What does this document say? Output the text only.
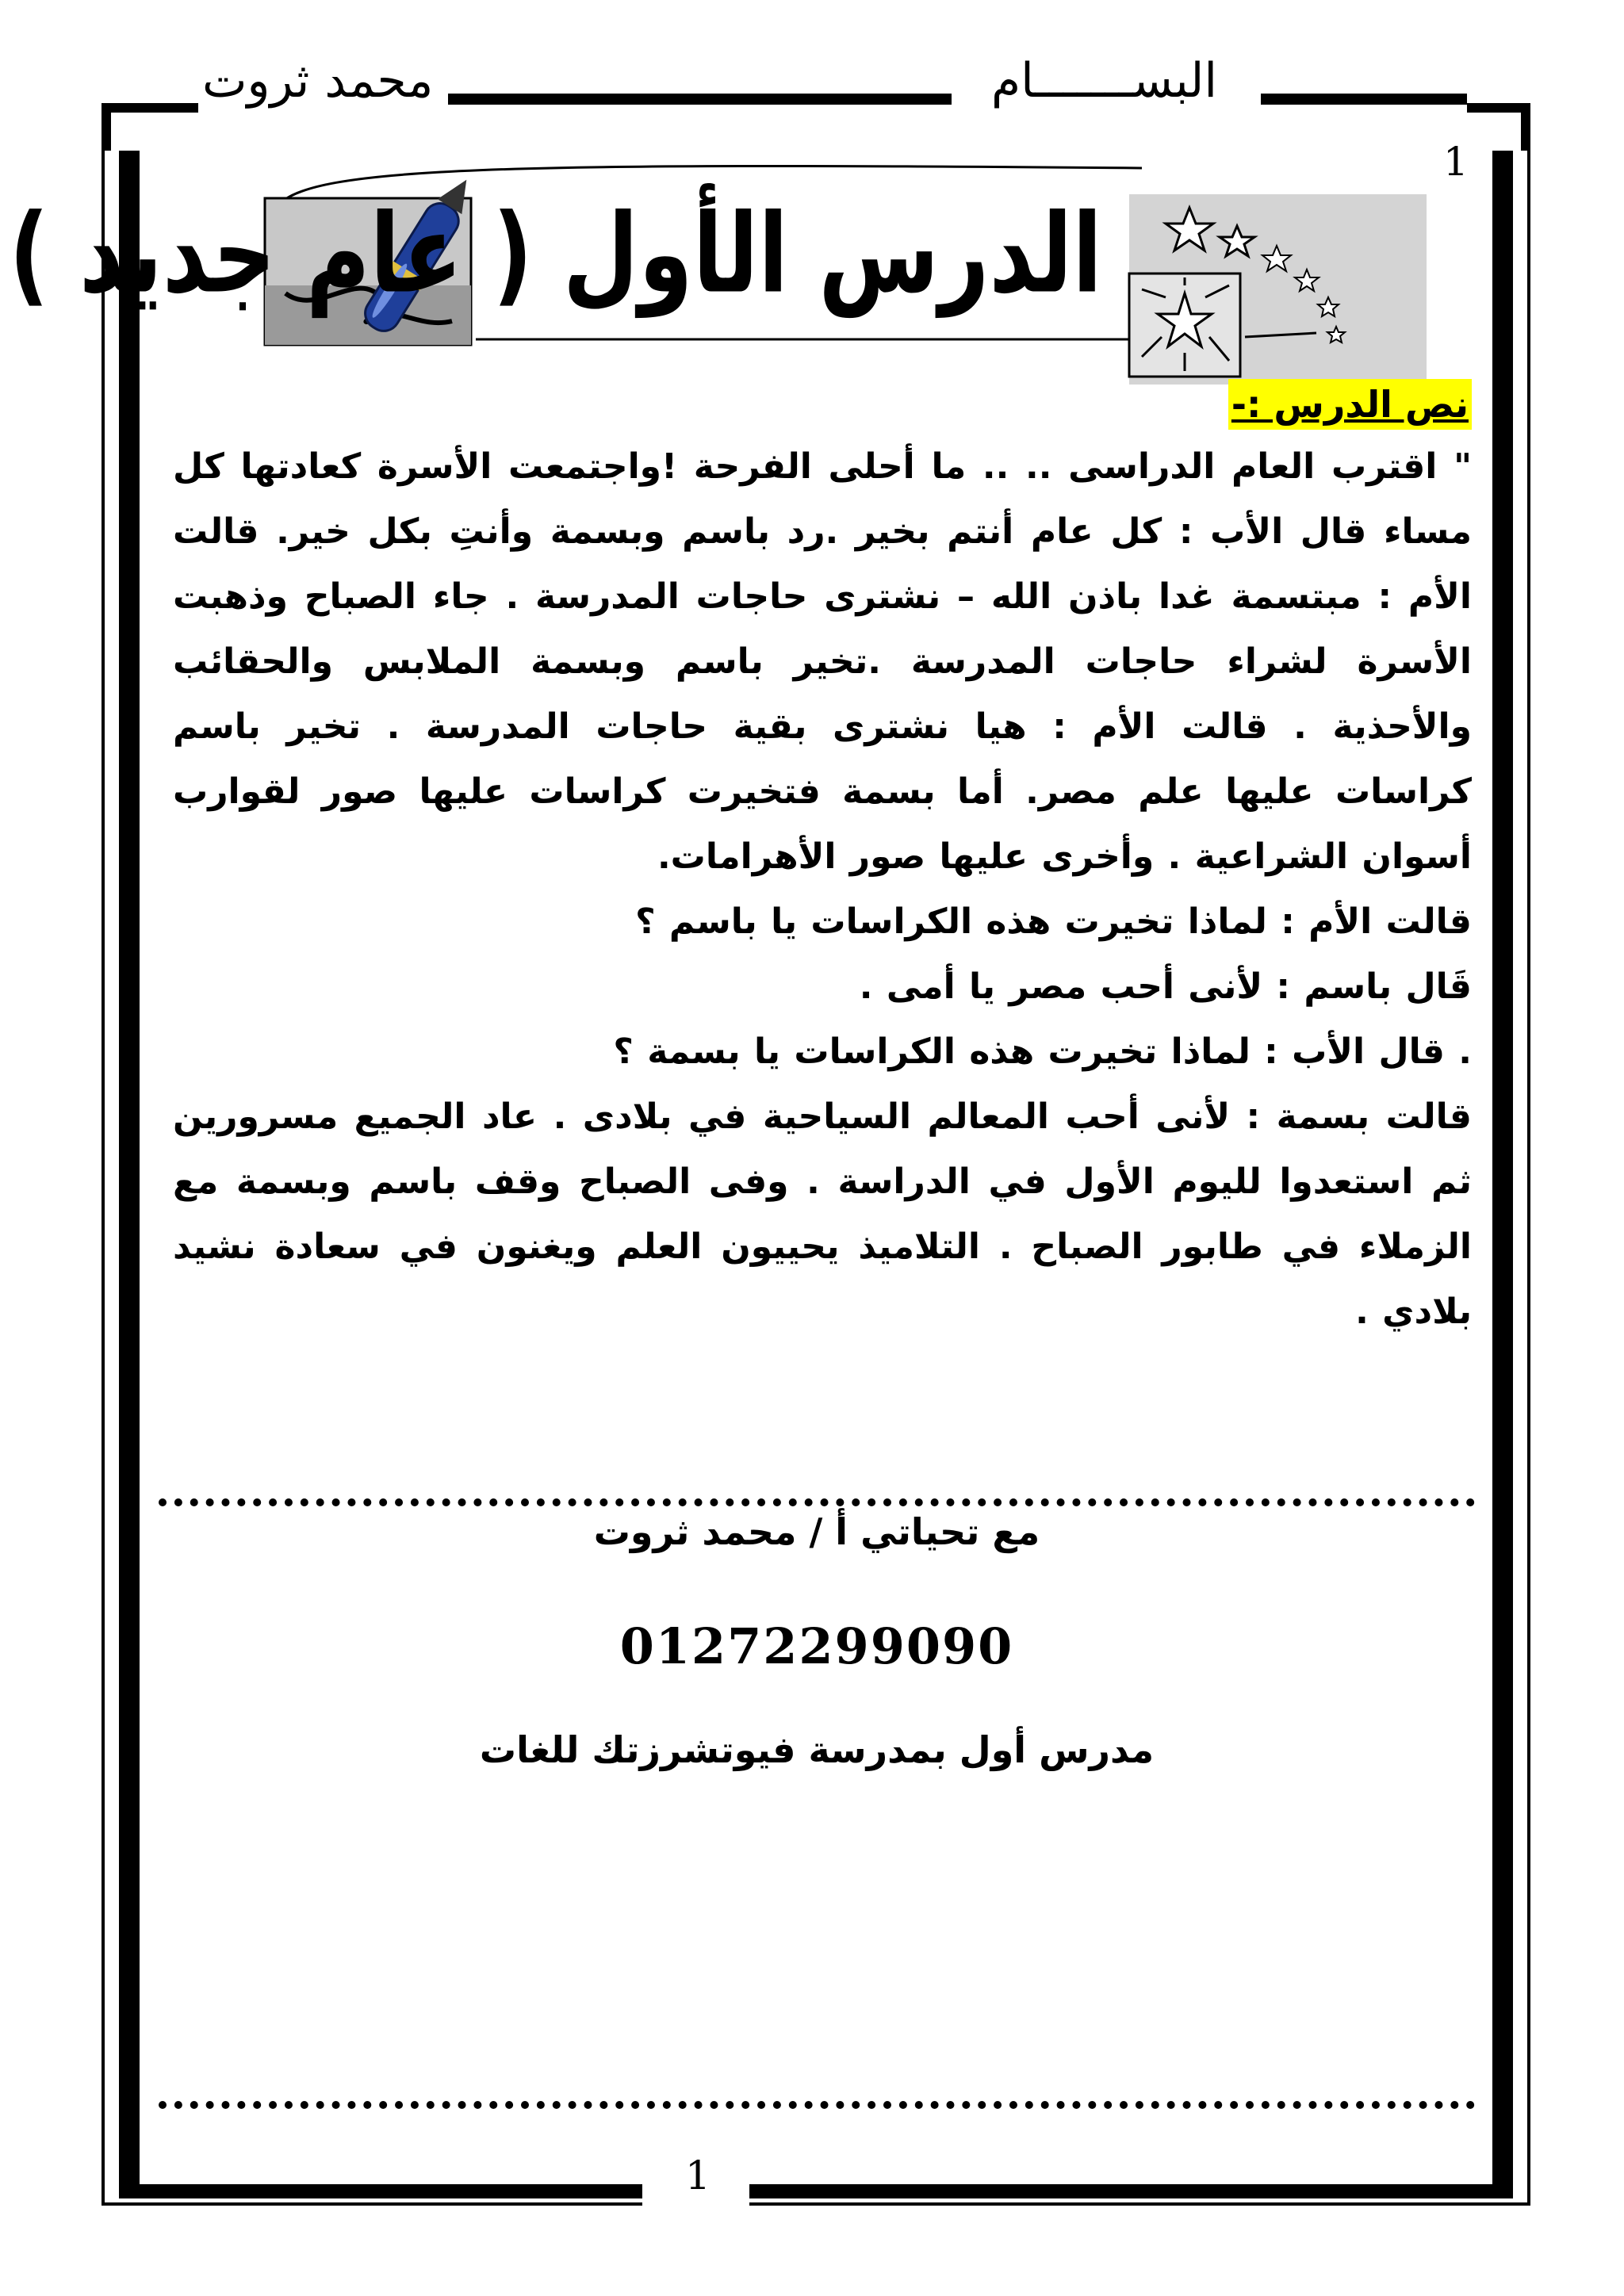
البســـــــام
محمد ثروت
1
الدرس الأول ( عام جديد )
نص الدرس :-

" اقترب العام الدراسى .. .. ما أحلى الفرحة !واجتمعت الأسرة كعادتها كل مساء قال الأب : كل عام أنتم بخير .رد باسم وبسمة وأنتِ بكل خير. قالت الأم : مبتسمة غدا باذن الله – نشترى حاجات المدرسة . جاء الصباح وذهبت الأسرة لشراء حاجات المدرسة .تخير باسم وبسمة الملابس والحقائب والأحذية . قالت الأم : هيا نشترى بقية حاجات المدرسة . تخير باسم كراسات عليها علم مصر. أما بسمة فتخيرت كراسات عليها صور لقوارب أسوان الشراعية . وأخرى عليها صور الأهرامات.

قالت الأم : لماذا تخيرت هذه الكراسات يا باسم ؟

قَال باسم : لأنى أحب مصر يا أمى .

. قال الأب : لماذا تخيرت هذه الكراسات يا بسمة ؟

قالت بسمة : لأنى أحب المعالم السياحية في بلادى . عاد الجميع مسرورين ثم استعدوا لليوم الأول في الدراسة . وفى الصباح وقف باسم وبسمة مع الزملاء في طابور الصباح . التلاميذ يحييون العلم ويغنون في سعادة نشيد بلادي .

مع تحياتي أ / محمد ثروت
01272299090
مدرس أول بمدرسة فيوتشرزتك للغات
1
